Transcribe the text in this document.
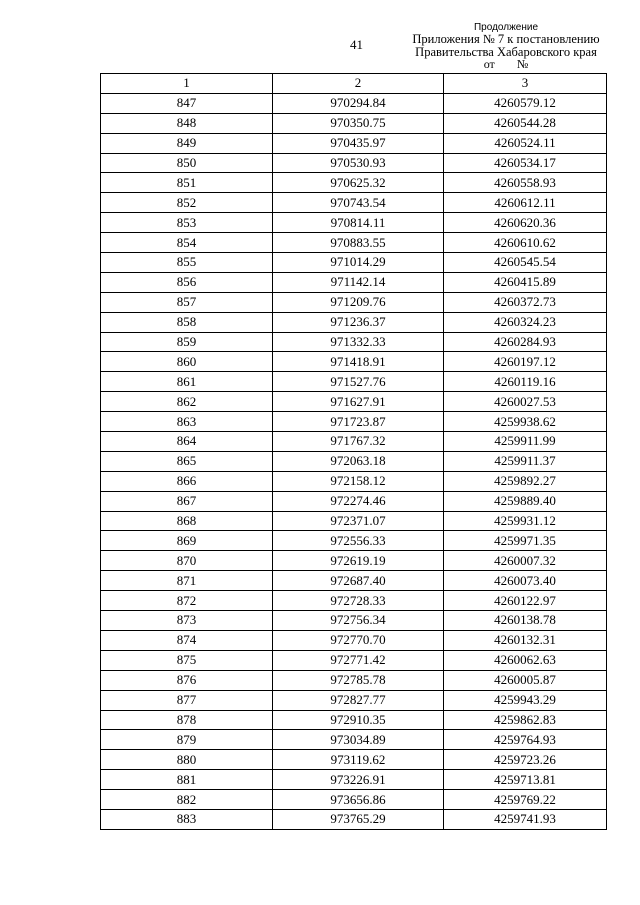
41
Продолжение
Приложения № 7 к постановлению
Правительства Хабаровского края
от №
1	2	3
847	970294.84	4260579.12
848	970350.75	4260544.28
849	970435.97	4260524.11
850	970530.93	4260534.17
851	970625.32	4260558.93
852	970743.54	4260612.11
853	970814.11	4260620.36
854	970883.55	4260610.62
855	971014.29	4260545.54
856	971142.14	4260415.89
857	971209.76	4260372.73
858	971236.37	4260324.23
859	971332.33	4260284.93
860	971418.91	4260197.12
861	971527.76	4260119.16
862	971627.91	4260027.53
863	971723.87	4259938.62
864	971767.32	4259911.99
865	972063.18	4259911.37
866	972158.12	4259892.27
867	972274.46	4259889.40
868	972371.07	4259931.12
869	972556.33	4259971.35
870	972619.19	4260007.32
871	972687.40	4260073.40
872	972728.33	4260122.97
873	972756.34	4260138.78
874	972770.70	4260132.31
875	972771.42	4260062.63
876	972785.78	4260005.87
877	972827.77	4259943.29
878	972910.35	4259862.83
879	973034.89	4259764.93
880	973119.62	4259723.26
881	973226.91	4259713.81
882	973656.86	4259769.22
883	973765.29	4259741.93
